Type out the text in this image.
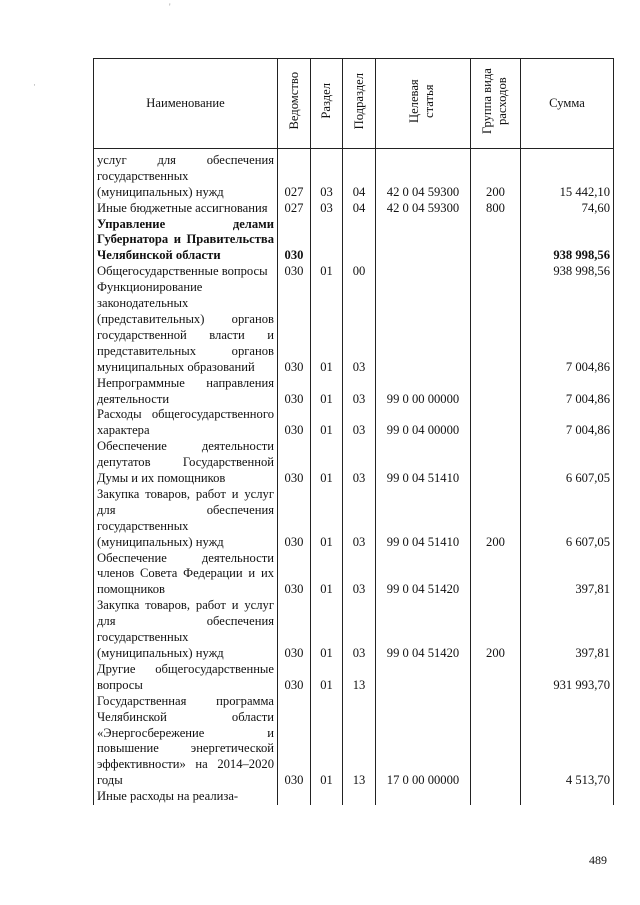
'
·
Наименование	Ведомство	Раздел	Подраздел	Целевая статья	Группа вида расходов	Сумма

услуг для обеспечения государственных (муниципальных) нужд	027	03	04	42 0 04 59300	200	15 442,10
Иные бюджетные ассигнования	027	03	04	42 0 04 59300	800	74,60
Управление делами Губернатора и Правительства Челябинской области	030					938 998,56
Общегосударственные вопросы	030	01	00			938 998,56
Функционирование законодательных (представительных) органов государственной власти и представительных органов муниципальных образований	030	01	03			7 004,86
Непрограммные направления деятельности	030	01	03	99 0 00 00000		7 004,86
Расходы общегосударственного характера	030	01	03	99 0 04 00000		7 004,86
Обеспечение деятельности депутатов Государственной Думы и их помощников	030	01	03	99 0 04 51410		6 607,05
Закупка товаров, работ и услуг для обеспечения государственных (муниципальных) нужд	030	01	03	99 0 04 51410	200	6 607,05
Обеспечение деятельности членов Совета Федерации и их помощников	030	01	03	99 0 04 51420		397,81
Закупка товаров, работ и услуг для обеспечения государственных (муниципальных) нужд	030	01	03	99 0 04 51420	200	397,81
Другие общегосударственные вопросы	030	01	13			931 993,70
Государственная программа Челябинской области «Энергосбережение и повышение энергетической эффективности» на 2014–2020 годы	030	01	13	17 0 00 00000		4 513,70
Иные расходы на реализа-						
489
